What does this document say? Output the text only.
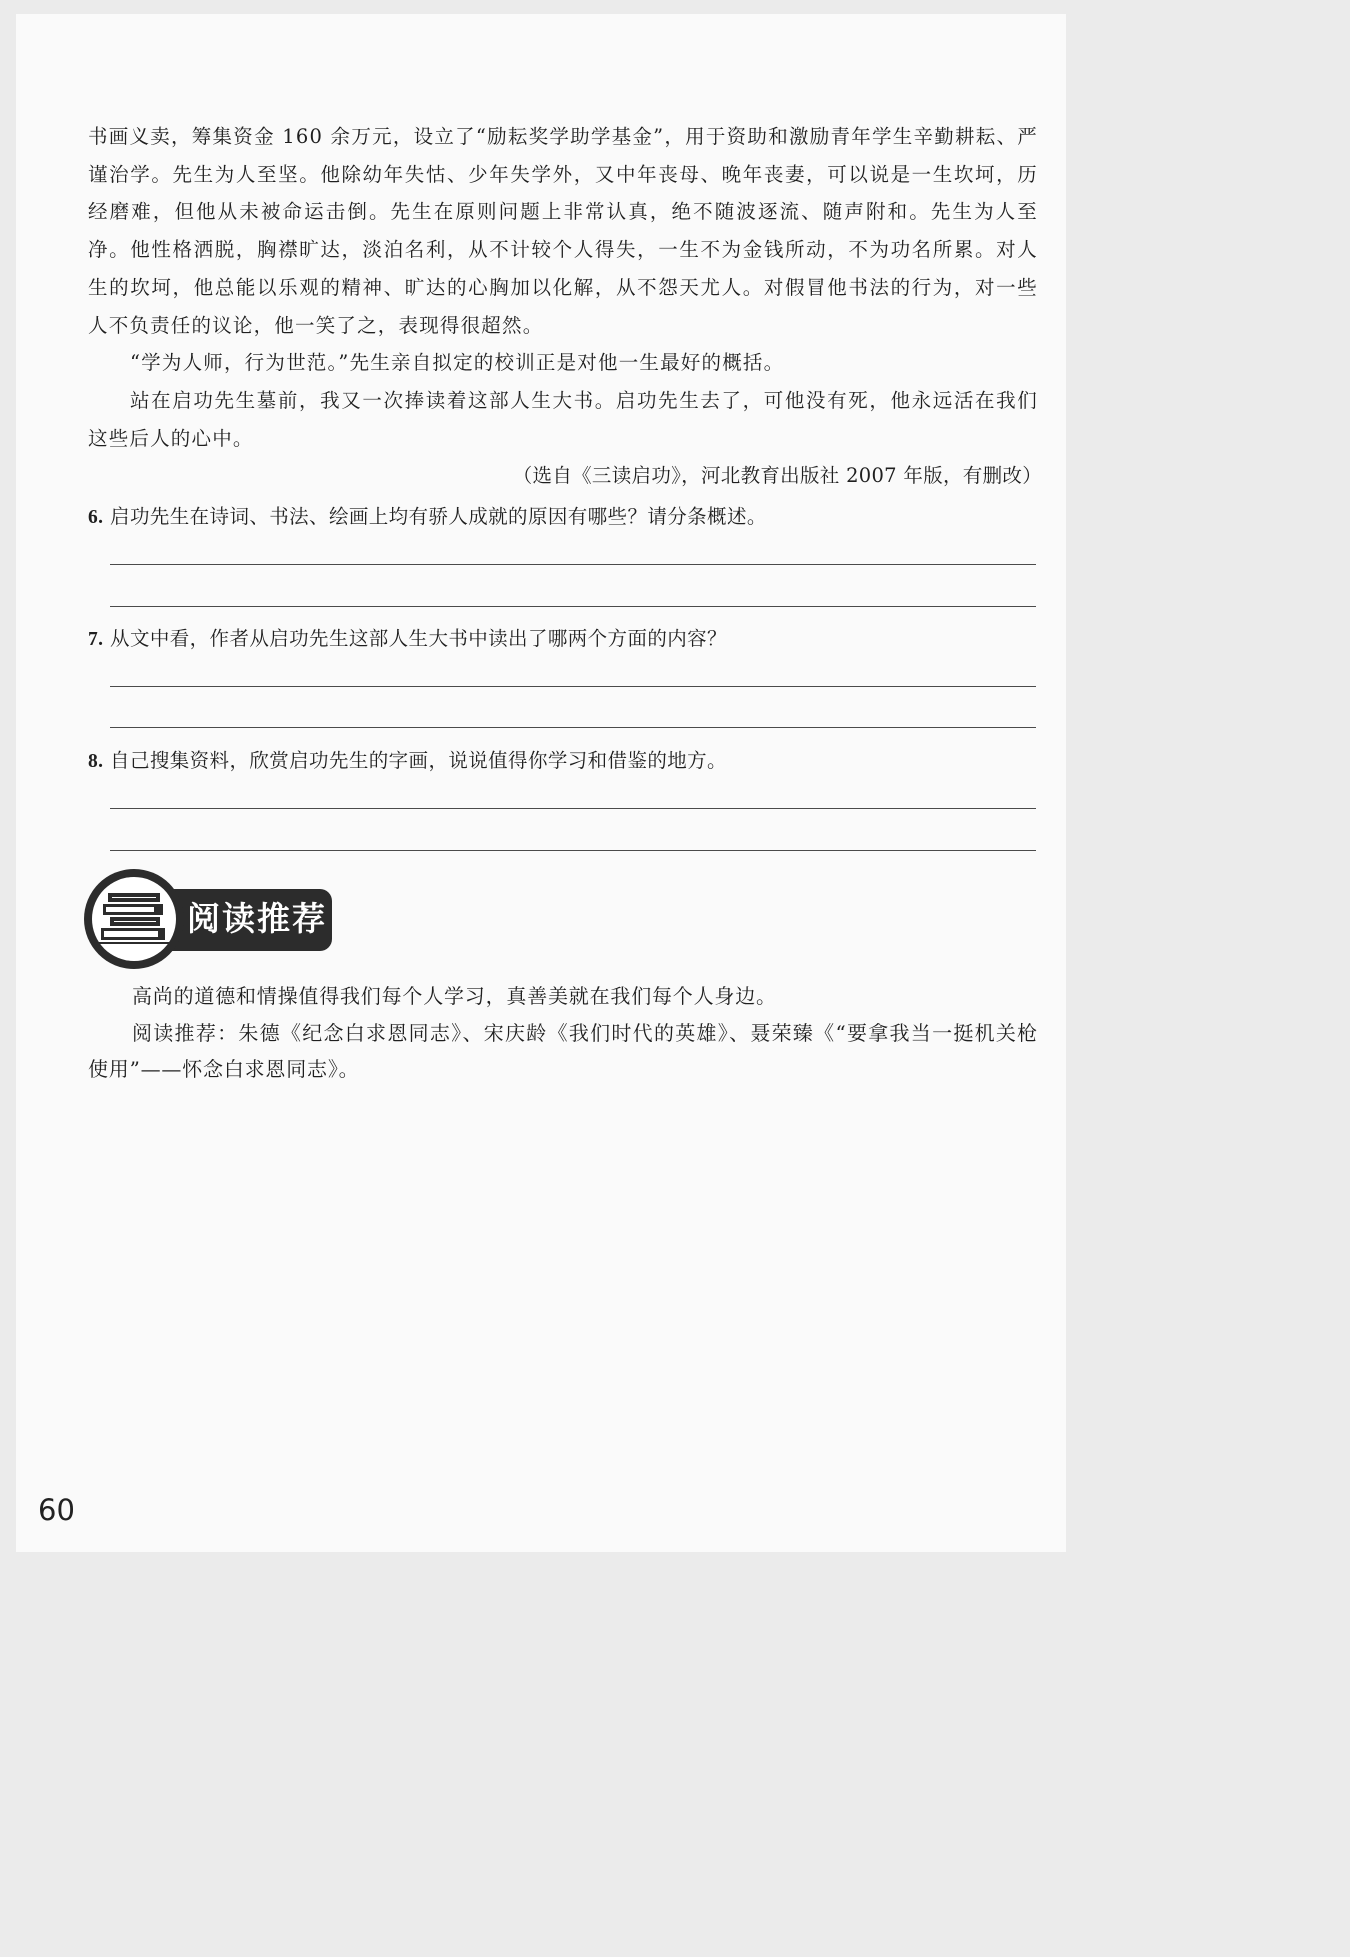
书画义卖，筹集资金 160 余万元，设立了“励耘奖学助学基金”，用于资助和激励青年学生辛勤耕耘、严谨治学。先生为人至坚。他除幼年失怙、少年失学外，又中年丧母、晚年丧妻，可以说是一生坎坷，历经磨难，但他从未被命运击倒。先生在原则问题上非常认真，绝不随波逐流、随声附和。先生为人至净。他性格洒脱，胸襟旷达，淡泊名利，从不计较个人得失，一生不为金钱所动，不为功名所累。对人生的坎坷，他总能以乐观的精神、旷达的心胸加以化解，从不怨天尤人。对假冒他书法的行为，对一些人不负责任的议论，他一笑了之，表现得很超然。

“学为人师，行为世范。”先生亲自拟定的校训正是对他一生最好的概括。

站在启功先生墓前，我又一次捧读着这部人生大书。启功先生去了，可他没有死，他永远活在我们这些后人的心中。

（选自《三读启功》，河北教育出版社 2007 年版，有删改）

6. 启功先生在诗词、书法、绘画上均有骄人成就的原因有哪些？请分条概述。

7. 从文中看，作者从启功先生这部人生大书中读出了哪两个方面的内容？

8. 自己搜集资料，欣赏启功先生的字画，说说值得你学习和借鉴的地方。

阅读推荐

高尚的道德和情操值得我们每个人学习，真善美就在我们每个人身边。

阅读推荐：朱德《纪念白求恩同志》、宋庆龄《我们时代的英雄》、聂荣臻《“要拿我当一挺机关枪使用”——怀念白求恩同志》。

60
